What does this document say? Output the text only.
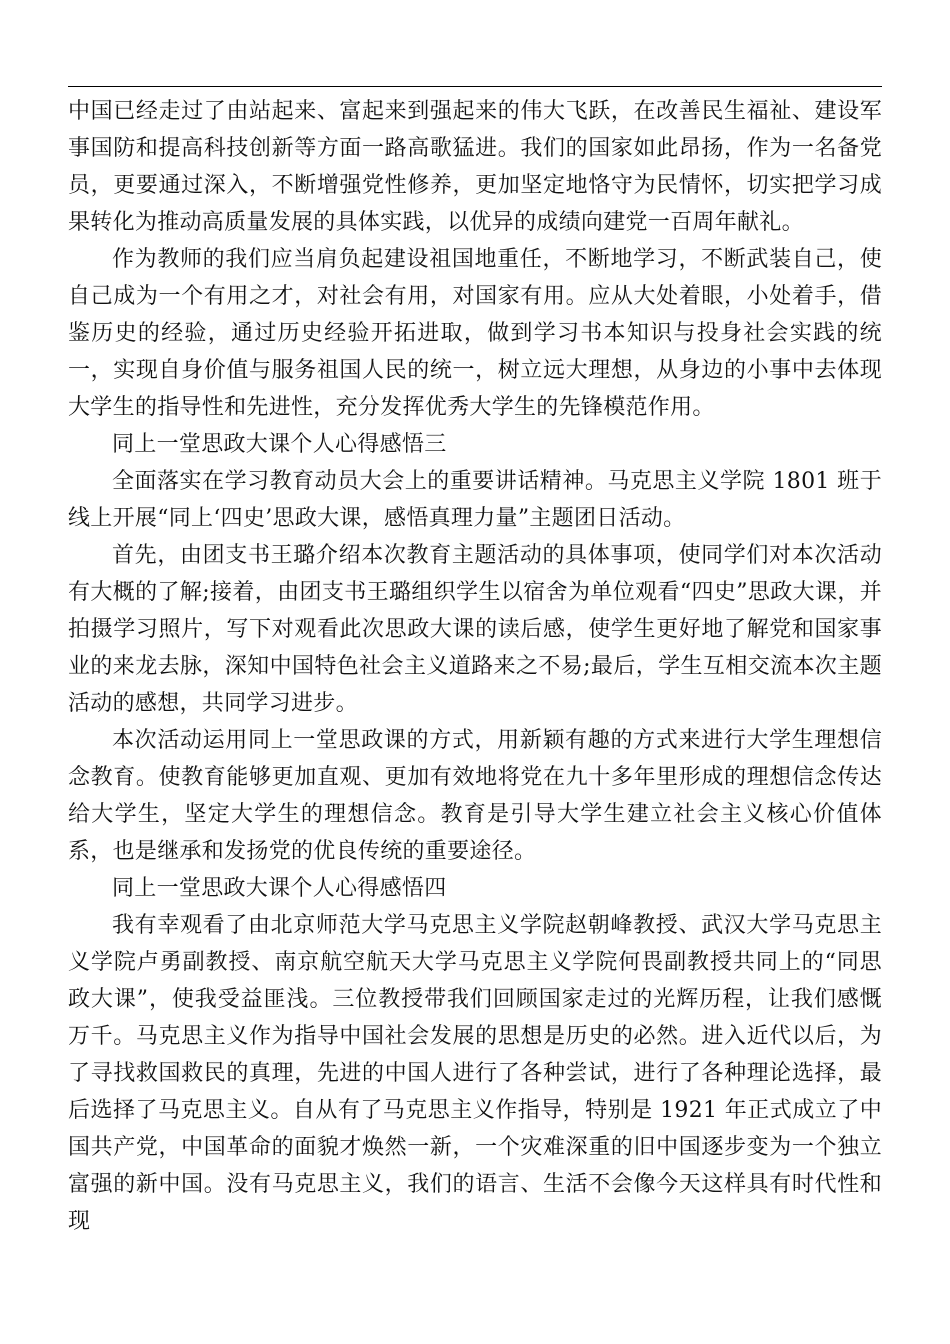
中国已经走过了由站起来、富起来到强起来的伟大飞跃，在改善民生福祉、建设军事国防和提高科技创新等方面一路高歌猛进。我们的国家如此昂扬，作为一名备党员，更要通过深入，不断增强党性修养，更加坚定地恪守为民情怀，切实把学习成果转化为推动高质量发展的具体实践，以优异的成绩向建党一百周年献礼。

作为教师的我们应当肩负起建设祖国地重任，不断地学习，不断武装自己，使自己成为一个有用之才，对社会有用，对国家有用。应从大处着眼，小处着手，借鉴历史的经验，通过历史经验开拓进取，做到学习书本知识与投身社会实践的统一，实现自身价值与服务祖国人民的统一，树立远大理想，从身边的小事中去体现大学生的指导性和先进性，充分发挥优秀大学生的先锋模范作用。

同上一堂思政大课个人心得感悟三

全面落实在学习教育动员大会上的重要讲话精神。马克思主义学院 1801 班于线上开展“同上‘四史’思政大课，感悟真理力量”主题团日活动。

首先，由团支书王璐介绍本次教育主题活动的具体事项，使同学们对本次活动有大概的了解;接着，由团支书王璐组织学生以宿舍为单位观看“四史”思政大课，并拍摄学习照片，写下对观看此次思政大课的读后感，使学生更好地了解党和国家事业的来龙去脉，深知中国特色社会主义道路来之不易;最后，学生互相交流本次主题活动的感想，共同学习进步。

本次活动运用同上一堂思政课的方式，用新颖有趣的方式来进行大学生理想信念教育。使教育能够更加直观、更加有效地将党在九十多年里形成的理想信念传达给大学生，坚定大学生的理想信念。教育是引导大学生建立社会主义核心价值体系，也是继承和发扬党的优良传统的重要途径。

同上一堂思政大课个人心得感悟四

我有幸观看了由北京师范大学马克思主义学院赵朝峰教授、武汉大学马克思主义学院卢勇副教授、南京航空航天大学马克思主义学院何畏副教授共同上的“同思政大课”，使我受益匪浅。三位教授带我们回顾国家走过的光辉历程，让我们感慨万千。马克思主义作为指导中国社会发展的思想是历史的必然。进入近代以后，为了寻找救国救民的真理，先进的中国人进行了各种尝试，进行了各种理论选择，最后选择了马克思主义。自从有了马克思主义作指导，特别是 1921 年正式成立了中国共产党，中国革命的面貌才焕然一新，一个灾难深重的旧中国逐步变为一个独立富强的新中国。没有马克思主义，我们的语言、生活不会像今天这样具有时代性和现
